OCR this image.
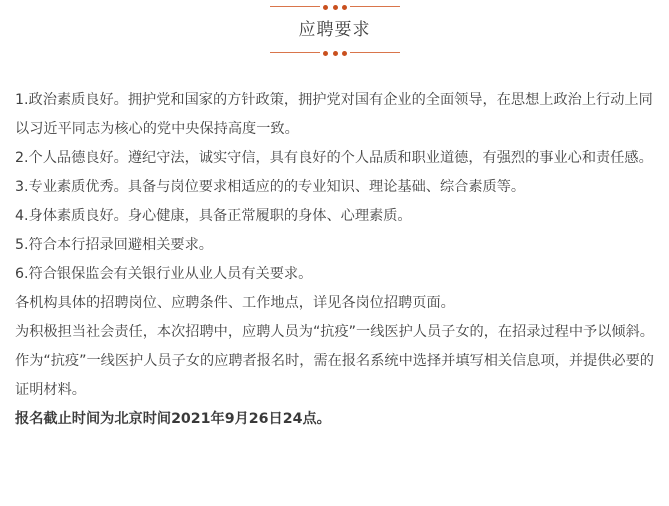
应聘要求

1.政治素质良好。拥护党和国家的方针政策，拥护党对国有企业的全面领导，在思想上政治上行动上同以习近平同志为核心的党中央保持高度一致。

2.个人品德良好。遵纪守法，诚实守信，具有良好的个人品质和职业道德，有强烈的事业心和责任感。

3.专业素质优秀。具备与岗位要求相适应的的专业知识、理论基础、综合素质等。

4.身体素质良好。身心健康，具备正常履职的身体、心理素质。

5.符合本行招录回避相关要求。

6.符合银保监会有关银行业从业人员有关要求。

各机构具体的招聘岗位、应聘条件、工作地点，详见各岗位招聘页面。

为积极担当社会责任，本次招聘中，应聘人员为“抗疫”一线医护人员子女的，在招录过程中予以倾斜。作为“抗疫”一线医护人员子女的应聘者报名时，需在报名系统中选择并填写相关信息项，并提供必要的证明材料。

报名截止时间为北京时间2021年9月26日24点。
